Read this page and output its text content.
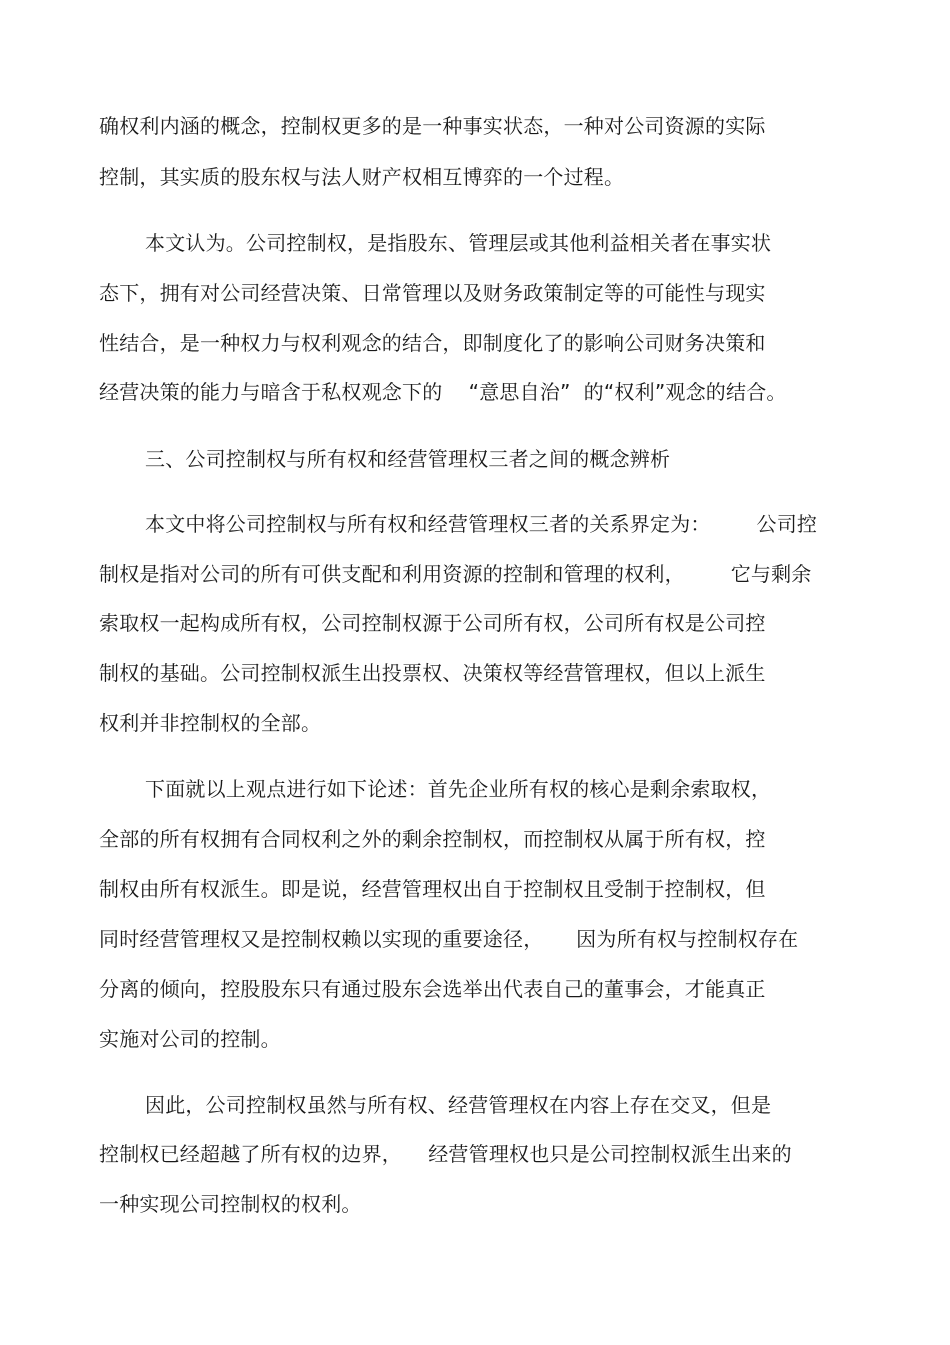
确权利内涵的概念，控制权更多的是一种事实状态，一种对公司资源的实际
控制，其实质的股东权与法人财产权相互博弈的一个过程。
本文认为。公司控制权，是指股东、管理层或其他利益相关者在事实状
态下，拥有对公司经营决策、日常管理以及财务政策制定等的可能性与现实
性结合，是一种权力与权利观念的结合，即制度化了的影响公司财务决策和
经营决策的能力与暗含于私权观念下的    “意思自治”  的“权利”观念的结合。
三、公司控制权与所有权和经营管理权三者之间的概念辨析
本文中将公司控制权与所有权和经营管理权三者的关系界定为：       公司控
制权是指对公司的所有可供支配和利用资源的控制和管理的权利，       它与剩余
索取权一起构成所有权，公司控制权源于公司所有权，公司所有权是公司控
制权的基础。公司控制权派生出投票权、决策权等经营管理权，但以上派生
权利并非控制权的全部。
下面就以上观点进行如下论述：首先企业所有权的核心是剩余索取权，
全部的所有权拥有合同权利之外的剩余控制权，而控制权从属于所有权，控
制权由所有权派生。即是说，经营管理权出自于控制权且受制于控制权，但
同时经营管理权又是控制权赖以实现的重要途径，     因为所有权与控制权存在
分离的倾向，控股股东只有通过股东会选举出代表自己的董事会，才能真正
实施对公司的控制。
因此，公司控制权虽然与所有权、经营管理权在内容上存在交叉，但是
控制权已经超越了所有权的边界，    经营管理权也只是公司控制权派生出来的
一种实现公司控制权的权利。
